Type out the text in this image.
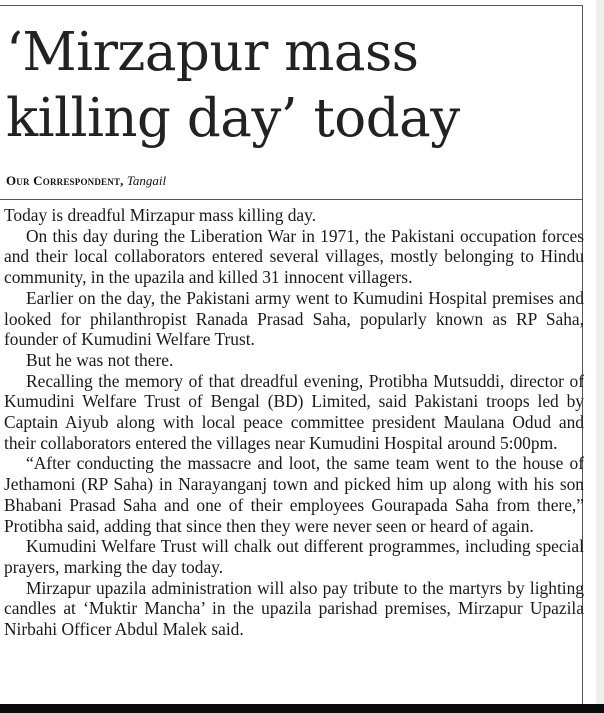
‘Mirzapur mass
killing day’ today
Our Correspondent, Tangail

Today is dreadful Mirzapur mass killing day.

On this day during the Liberation War in 1971, the Pakistani occupation forces and their local collaborators entered several villages, mostly belonging to Hindu community, in the upazila and killed 31 innocent villagers.

Earlier on the day, the Pakistani army went to Kumudini Hospital premises and looked for philanthropist Ranada Prasad Saha, popularly known as RP Saha, founder of Kumudini Welfare Trust.

But he was not there.

Recalling the memory of that dreadful evening, Protibha Mutsuddi, director of Kumudini Welfare Trust of Bengal (BD) Limited, said Pakistani troops led by Captain Aiyub along with local peace committee president Maulana Odud and their collaborators entered the villages near Kumudini Hospital around 5:00pm.

“After conducting the massacre and loot, the same team went to the house of Jethamoni (RP Saha) in Narayanganj town and picked him up along with his son Bhabani Prasad Saha and one of their employees Gourapada Saha from there,” Protibha said, adding that since then they were never seen or heard of again.

Kumudini Welfare Trust will chalk out different programmes, including special prayers, marking the day today.

Mirzapur upazila administration will also pay tribute to the martyrs by lighting candles at ‘Muktir Mancha’ in the upazila parishad premises, Mirzapur Upazila Nirbahi Officer Abdul Malek said.
